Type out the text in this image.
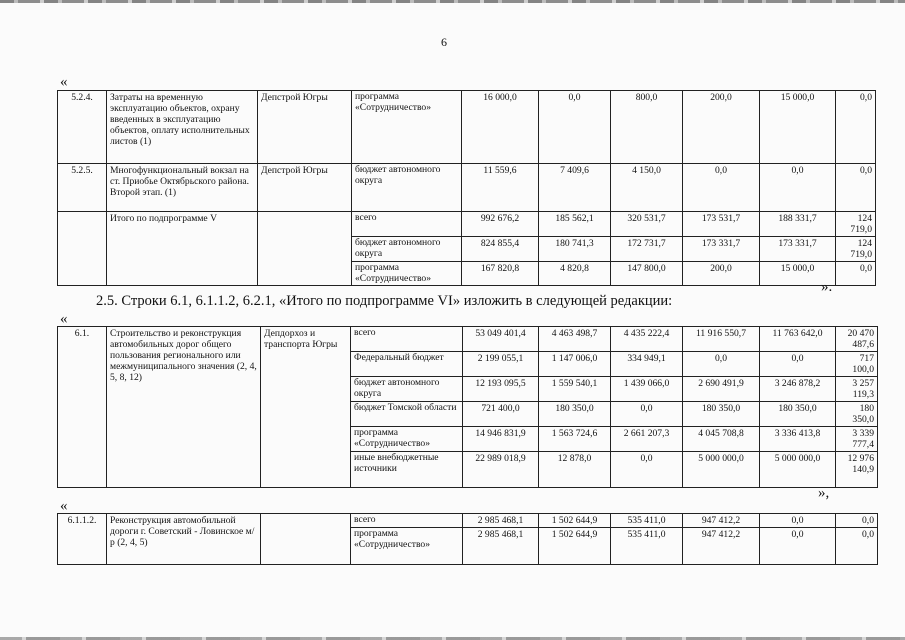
6
«
5.2.4.	Затраты на временную эксплуатацию объектов, охрану введенных в эксплуатацию объектов, оплату исполнительных листов (1)	Депстрой Югры	программа «Сотрудничество»	16 000,0	0,0	800,0	200,0	15 000,0	0,0
5.2.5.	Многофункциональный вокзал на ст. Приобье Октябрьского района. Второй этап. (1)	Депстрой Югры	бюджет автономного округа	11 559,6	7 409,6	4 150,0	0,0	0,0	0,0
	Итого по подпрограмме V		всего	992 676,2	185 562,1	320 531,7	173 531,7	188 331,7	124 719,0
			бюджет автономного округа	824 855,4	180 741,3	172 731,7	173 331,7	173 331,7	124 719,0
			программа «Сотрудничество»	167 820,8	4 820,8	147 800,0	200,0	15 000,0	0,0
».
2.5. Строки 6.1, 6.1.1.2, 6.2.1, «Итого по подпрограмме VI» изложить в следующей редакции:
«
6.1.	Строительство и реконструкция автомобильных дорог общего пользования регионального или межмуниципального значения (2, 4, 5, 8, 12)	Депдорхоз и транспорта Югры	всего	53 049 401,4	4 463 498,7	4 435 222,4	11 916 550,7	11 763 642,0	20 470 487,6
			Федеральный бюджет	2 199 055,1	1 147 006,0	334 949,1	0,0	0,0	717 100,0
			бюджет автономного округа	12 193 095,5	1 559 540,1	1 439 066,0	2 690 491,9	3 246 878,2	3 257 119,3
			бюджет Томской области	721 400,0	180 350,0	0,0	180 350,0	180 350,0	180 350,0
			программа «Сотрудничество»	14 946 831,9	1 563 724,6	2 661 207,3	4 045 708,8	3 336 413,8	3 339 777,4
			иные внебюджетные источники	22 989 018,9	12 878,0	0,0	5 000 000,0	5 000 000,0	12 976 140,9
»,
«
6.1.1.2.	Реконструкция автомобильной дороги г. Советский - Ловинское м/р (2, 4, 5)		всего	2 985 468,1	1 502 644,9	535 411,0	947 412,2	0,0	0,0
			программа «Сотрудничество»	2 985 468,1	1 502 644,9	535 411,0	947 412,2	0,0	0,0
